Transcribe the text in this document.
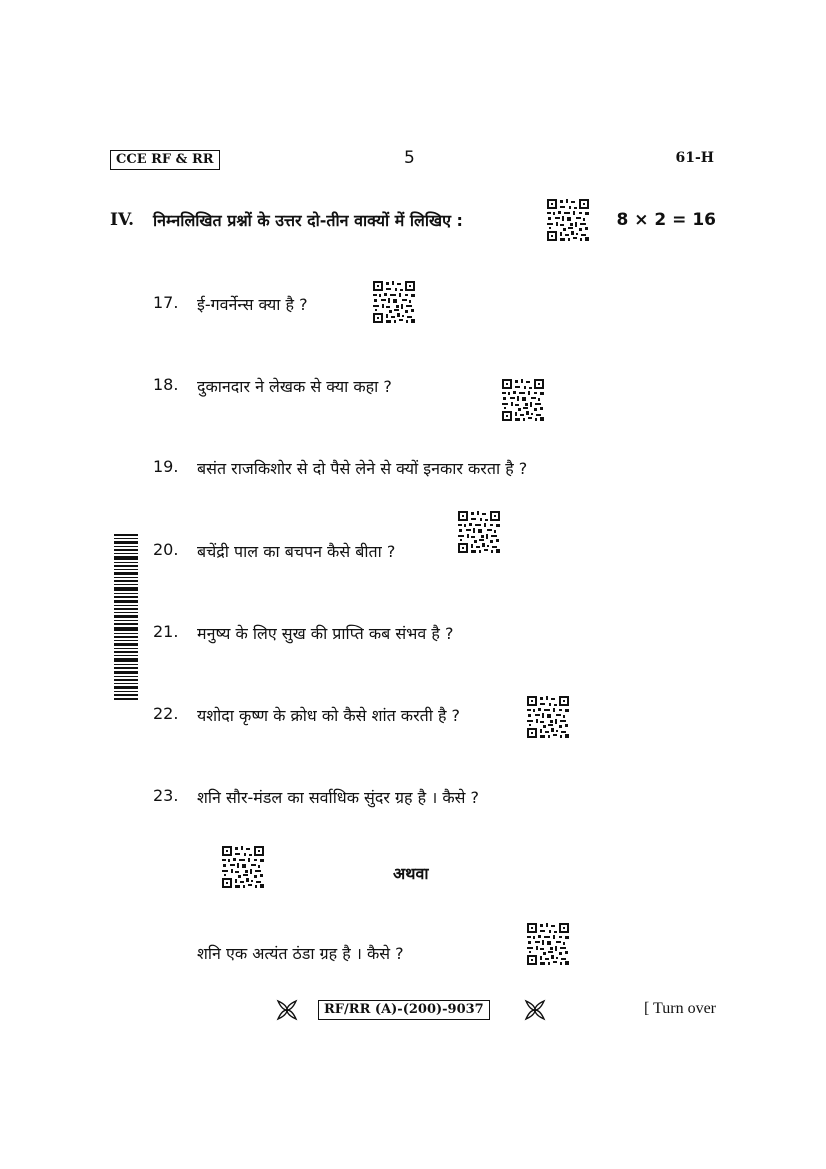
CCE RF & RR	5	61-H
IV. निम्नलिखित प्रश्नों के उत्तर दो-तीन वाक्यों में लिखिए :	8 × 2 = 16
17. ई-गवर्नेन्स क्या है ?
18. दुकानदार ने लेखक से क्या कहा ?
19. बसंत राजकिशोर से दो पैसे लेने से क्यों इनकार करता है ?
20. बचेंद्री पाल का बचपन कैसे बीता ?
21. मनुष्य के लिए सुख की प्राप्ति कब संभव है ?
22. यशोदा कृष्ण के क्रोध को कैसे शांत करती है ?
23. शनि सौर-मंडल का सर्वाधिक सुंदर ग्रह है । कैसे ?
अथवा
शनि एक अत्यंत ठंडा ग्रह है । कैसे ?
RF/RR (A)-(200)-9037	[ Turn over
